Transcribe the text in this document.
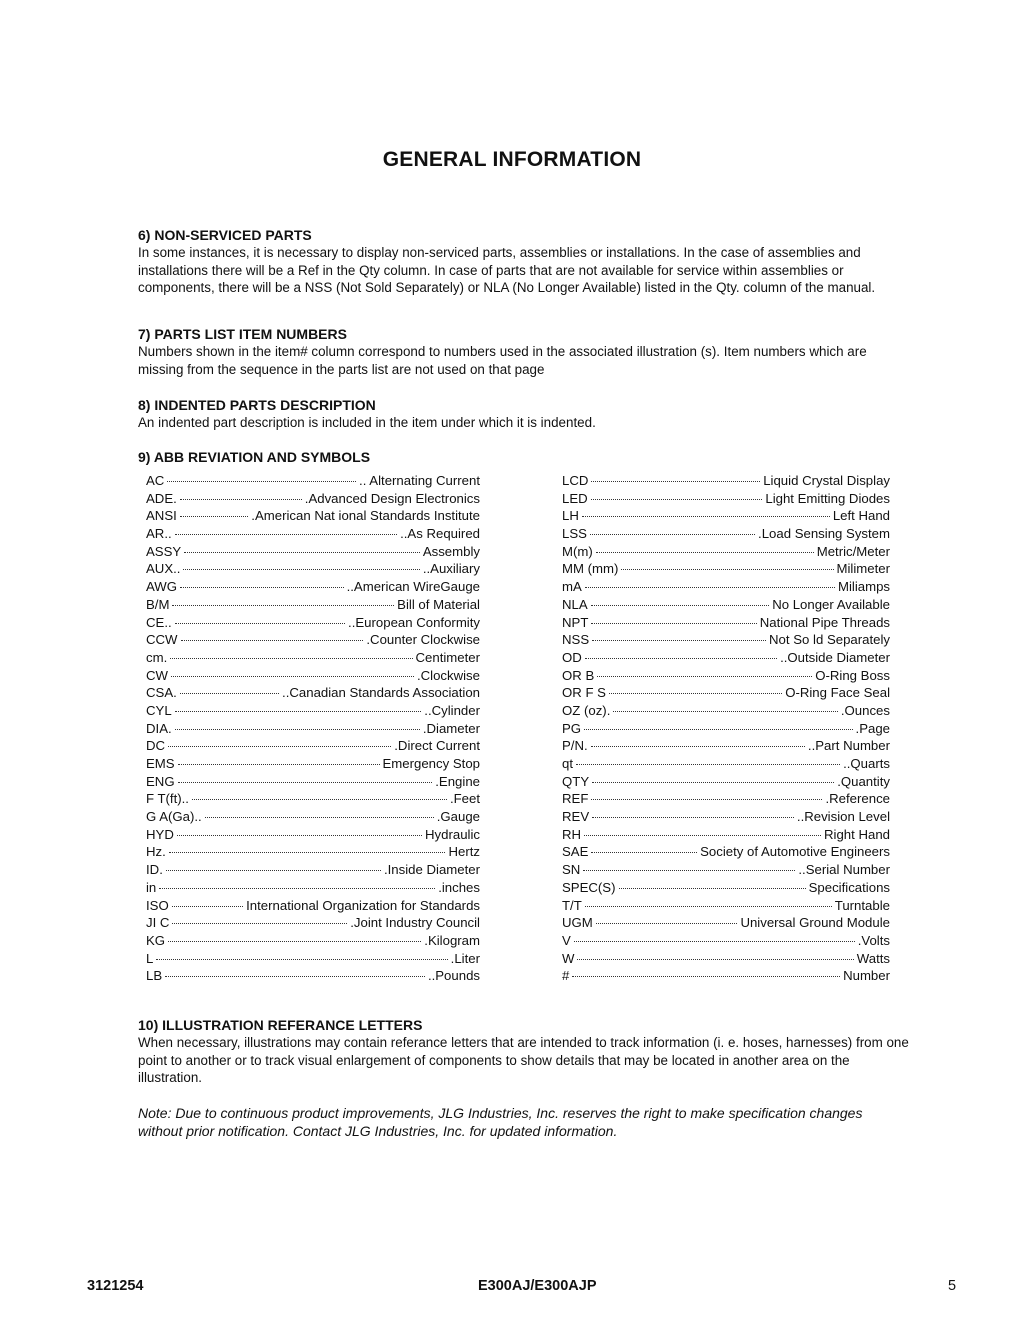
GENERAL INFORMATION
6) NON-SERVICED PARTS

In some instances, it is necessary to display non-serviced parts, assemblies or installations. In the case of assemblies and installations there will be a Ref in the Qty column. In case of parts that are not available for service within assemblies or components, there will be a NSS (Not Sold Separately) or NLA (No Longer Available) listed in the Qty. column of the manual.

7) PARTS LIST ITEM NUMBERS

Numbers shown in the item# column correspond to numbers used in the associated illustration (s). Item numbers which are missing from the sequence in the parts list are not used on that page

8) INDENTED PARTS DESCRIPTION

An indented part description is included in the item under which it is indented.

9) ABB REVIATION AND SYMBOLS
AC	.. Alternating Current
ADE.	.Advanced Design Electronics
ANSI	.American Nat ional Standards Institute
AR..	..As Required
ASSY	Assembly
AUX..	..Auxiliary
AWG	..American WireGauge
B/M	Bill of Material
CE..	..European Conformity
CCW	.Counter Clockwise
cm.	Centimeter
CW	.Clockwise
CSA.	..Canadian Standards Association
CYL	..Cylinder
DIA.	.Diameter
DC	.Direct Current
EMS	Emergency Stop
ENG	.Engine
F T(ft)..	.Feet
G A(Ga)..	.Gauge
HYD	Hydraulic
Hz.	Hertz
ID.	.Inside Diameter
in	.inches
ISO	International Organization for Standards
JI C	.Joint Industry Council
KG	.Kilogram
L	.Liter
LB	..Pounds
LCD	Liquid Crystal Display
LED	Light Emitting Diodes
LH	Left Hand
LSS	.Load Sensing System
M(m)	Metric/Meter
MM (mm)	Milimeter
mA	Miliamps
NLA	No Longer Available
NPT	National Pipe Threads
NSS	Not So ld Separately
OD	..Outside Diameter
OR B	O-Ring Boss
OR F S	O-Ring Face Seal
OZ (oz).	.Ounces
PG	.Page
P/N.	..Part Number
qt	..Quarts
QTY	.Quantity
REF	.Reference
REV	..Revision Level
RH	Right Hand
SAE	Society of Automotive Engineers
SN	..Serial Number
SPEC(S)	Specifications
T/T	Turntable
UGM	Universal Ground Module
V	.Volts
W	Watts
#	Number
10) ILLUSTRATION REFERANCE LETTERS

When necessary, illustrations may contain referance letters that are intended to track information (i. e. hoses, harnesses) from one point to another or to track visual enlargement of components to show details that may be located in another area on the illustration.

Note: Due to continuous product improvements, JLG Industries, Inc. reserves the right to make specification changes without prior notification. Contact JLG Industries, Inc. for updated information.

3121254	E300AJ/E300AJP	5
